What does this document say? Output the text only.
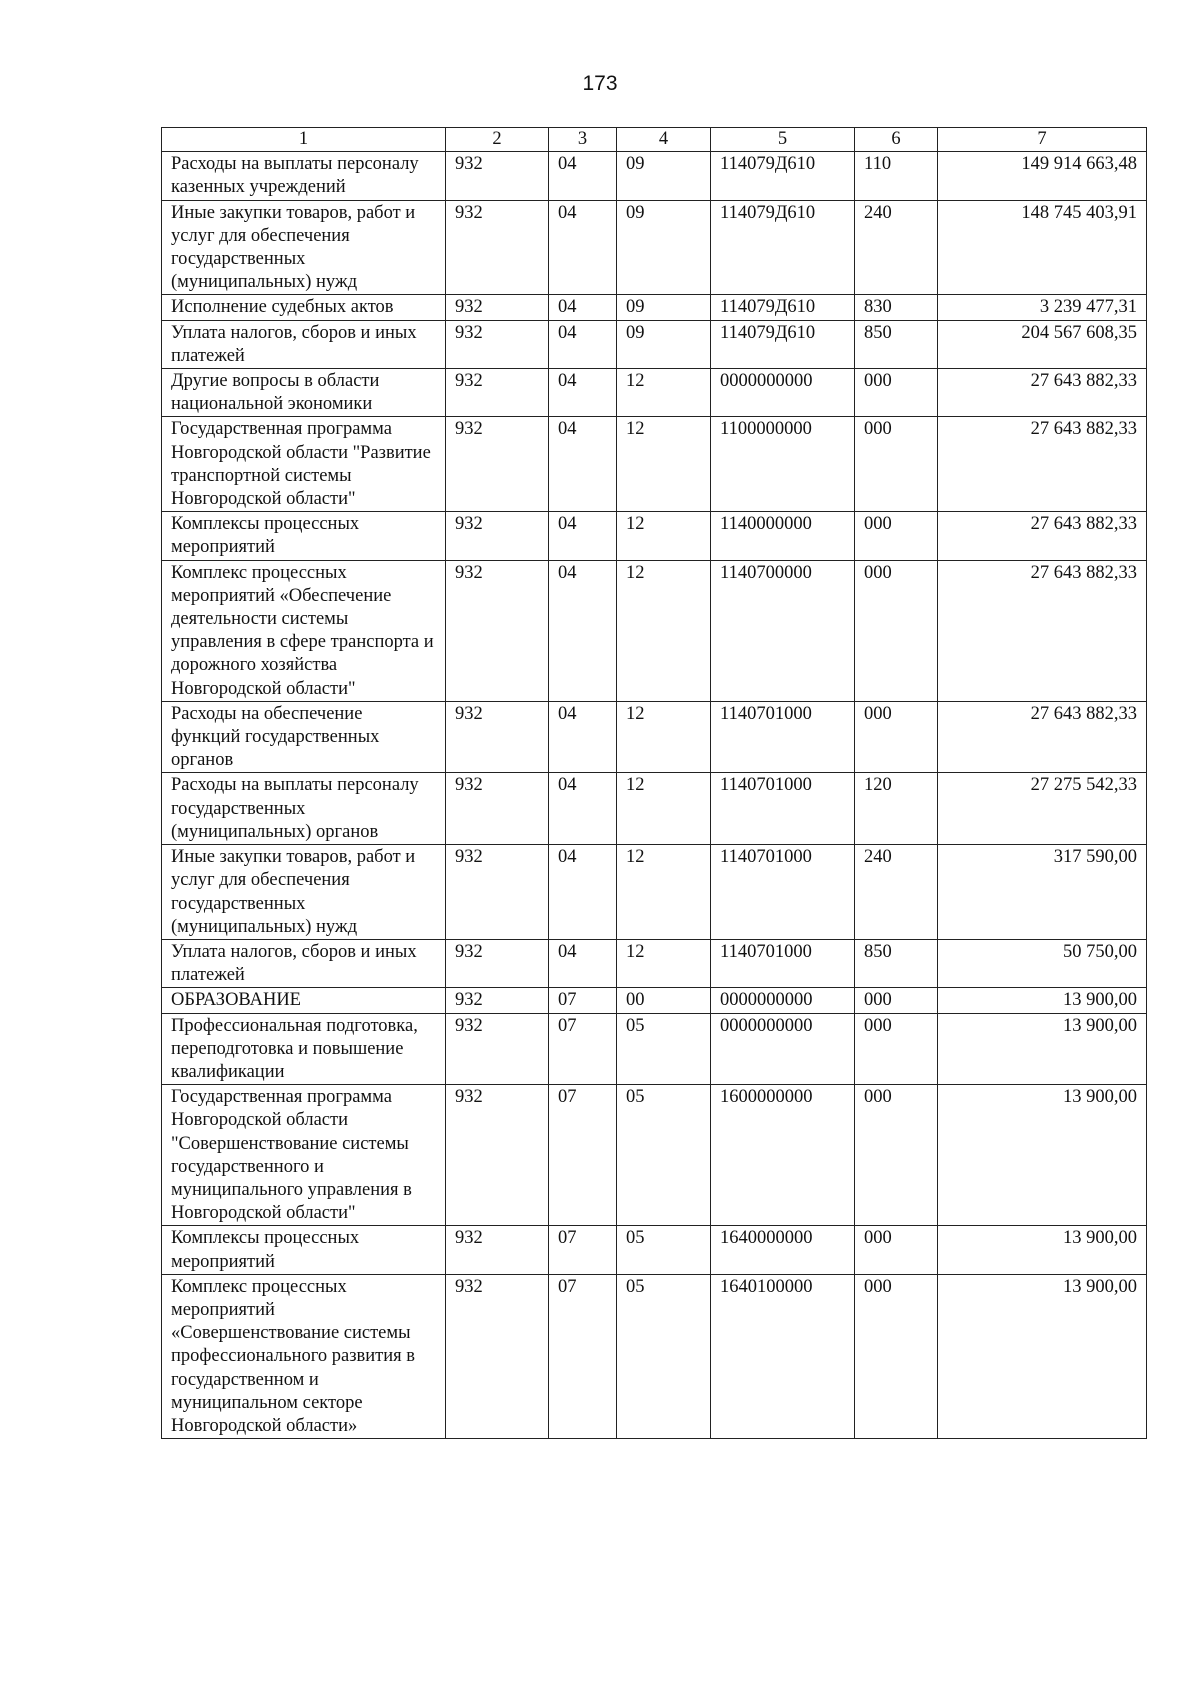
173
1	2	3	4	5	6	7
Расходы на выплаты персоналу казенных учреждений	932	04	09	114079Д610	110	149 914 663,48
Иные закупки товаров, работ и услуг для обеспечения государственных (муниципальных) нужд	932	04	09	114079Д610	240	148 745 403,91
Исполнение судебных актов	932	04	09	114079Д610	830	3 239 477,31
Уплата налогов, сборов и иных платежей	932	04	09	114079Д610	850	204 567 608,35
Другие вопросы в области национальной экономики	932	04	12	0000000000	000	27 643 882,33
Государственная программа Новгородской области "Развитие транспортной системы Новгородской области"	932	04	12	1100000000	000	27 643 882,33
Комплексы процессных мероприятий	932	04	12	1140000000	000	27 643 882,33
Комплекс процессных мероприятий «Обеспечение деятельности системы управления в сфере транспорта и дорожного хозяйства Новгородской области"	932	04	12	1140700000	000	27 643 882,33
Расходы на обеспечение функций государственных органов	932	04	12	1140701000	000	27 643 882,33
Расходы на выплаты персоналу государственных (муниципальных) органов	932	04	12	1140701000	120	27 275 542,33
Иные закупки товаров, работ и услуг для обеспечения государственных (муниципальных) нужд	932	04	12	1140701000	240	317 590,00
Уплата налогов, сборов и иных платежей	932	04	12	1140701000	850	50 750,00
ОБРАЗОВАНИЕ	932	07	00	0000000000	000	13 900,00
Профессиональная подготовка, переподготовка и повышение квалификации	932	07	05	0000000000	000	13 900,00
Государственная программа Новгородской области "Совершенствование системы государственного и муниципального управления в Новгородской области"	932	07	05	1600000000	000	13 900,00
Комплексы процессных мероприятий	932	07	05	1640000000	000	13 900,00
Комплекс процессных мероприятий «Совершенствование системы профессионального развития в государственном и муниципальном секторе Новгородской области»	932	07	05	1640100000	000	13 900,00
